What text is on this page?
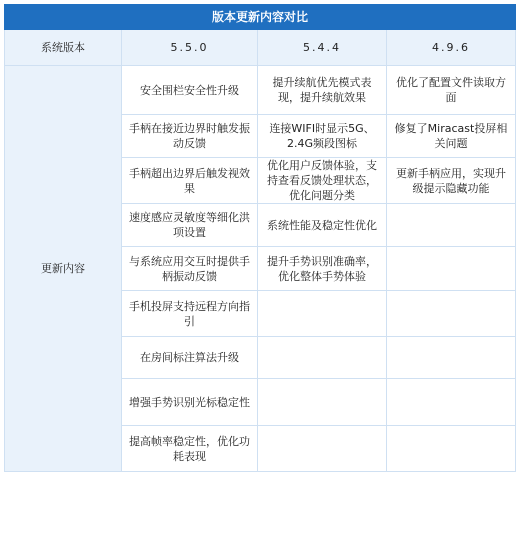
版本更新内容对比			
系统版本	5.5.0	5.4.4	4.9.6
更新内容	安全围栏安全性升级	提升续航优先模式表现，提升续航效果	优化了配置文件读取方面
	手柄在接近边界时触发振动反馈	连接WIFI时显示5G、2.4G频段图标	修复了Miracast投屏相关问题
	手柄超出边界后触发视效果	优化用户反馈体验，支持查看反馈处理状态，优化问题分类	更新手柄应用，实现升级提示隐藏功能
	速度感应灵敏度等细化洪项设置	系统性能及稳定性优化	
	与系统应用交互时提供手柄振动反馈	提升手势识别准确率，优化整体手势体验	
	手机投屏支持远程方向指引		
	在房间标注算法升级		
	增强手势识别光标稳定性		
	提高帧率稳定性，优化功耗表现		
